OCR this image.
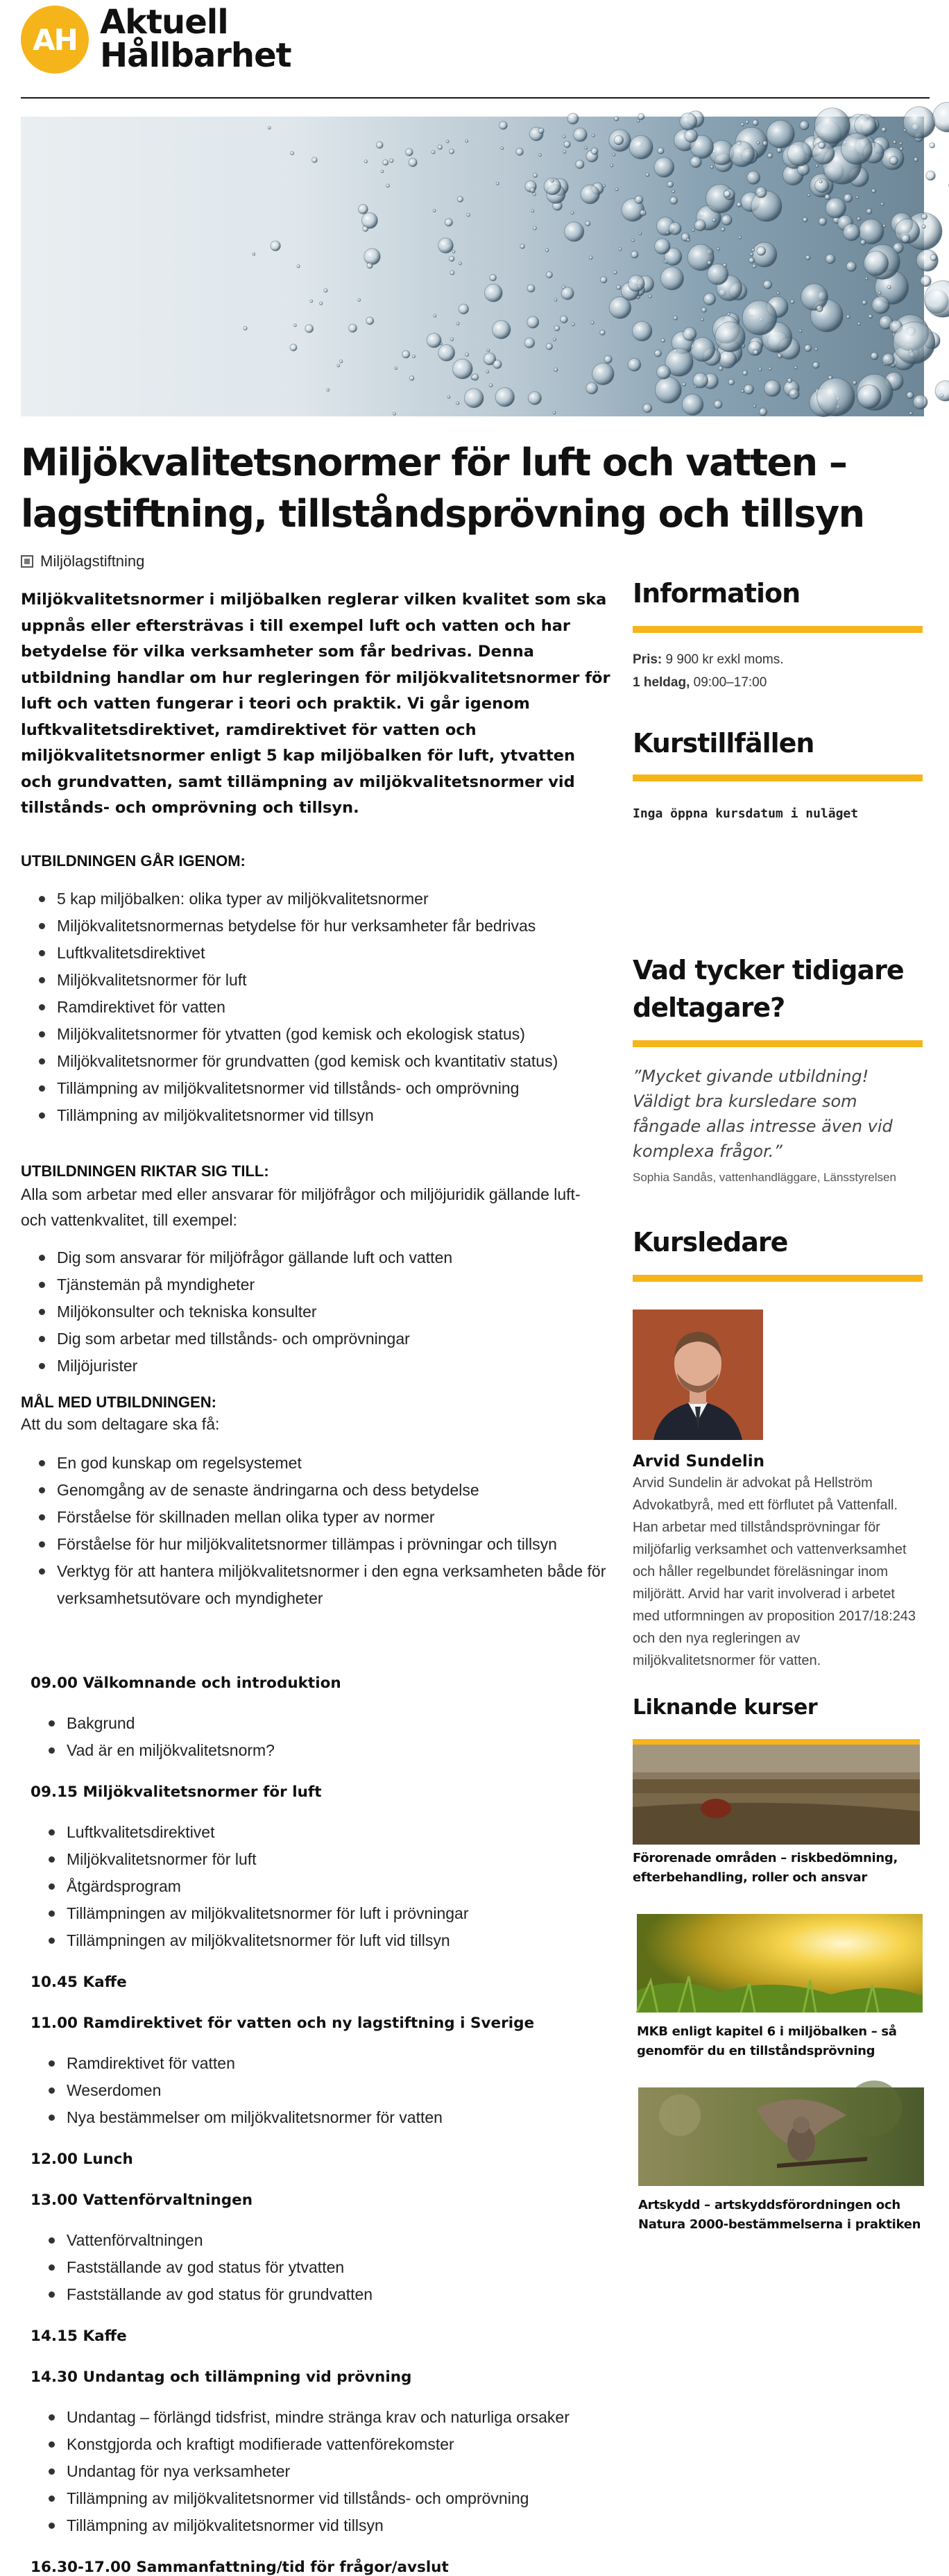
AH Aktuell
Hållbarhet
Miljökvalitetsnormer för luft och vatten – lagstiftning, tillståndsprövning och tillsyn
Miljölagstiftning

Miljökvalitetsnormer i miljöbalken reglerar vilken kvalitet som ska uppnås eller eftersträvas i till exempel luft och vatten och har betydelse för vilka verksamheter som får bedrivas. Denna utbildning handlar om hur regleringen för miljökvalitetsnormer för luft och vatten fungerar i teori och praktik. Vi går igenom luftkvalitetsdirektivet, ramdirektivet för vatten och miljökvalitetsnormer enligt 5 kap miljöbalken för luft, ytvatten och grundvatten, samt tillämpning av miljökvalitetsnormer vid tillstånds- och omprövning och tillsyn.

UTBILDNINGEN GÅR IGENOM:
5 kap miljöbalken: olika typer av miljökvalitetsnormer
Miljökvalitetsnormernas betydelse för hur verksamheter får bedrivas
Luftkvalitetsdirektivet
Miljökvalitetsnormer för luft
Ramdirektivet för vatten
Miljökvalitetsnormer för ytvatten (god kemisk och ekologisk status)
Miljökvalitetsnormer för grundvatten (god kemisk och kvantitativ status)
Tillämpning av miljökvalitetsnormer vid tillstånds- och omprövning
Tillämpning av miljökvalitetsnormer vid tillsyn
UTBILDNINGEN RIKTAR SIG TILL:

Alla som arbetar med eller ansvarar för miljöfrågor och miljöjuridik gällande luft- och vattenkvalitet, till exempel:

Dig som ansvarar för miljöfrågor gällande luft och vatten
Tjänstemän på myndigheter
Miljökonsulter och tekniska konsulter
Dig som arbetar med tillstånds- och omprövningar
Miljöjurister
MÅL MED UTBILDNINGEN:

Att du som deltagare ska få:

En god kunskap om regelsystemet
Genomgång av de senaste ändringarna och dess betydelse
Förståelse för skillnaden mellan olika typer av normer
Förståelse för hur miljökvalitetsnormer tillämpas i prövningar och tillsyn
Verktyg för att hantera miljökvalitetsnormer i den egna verksamheten både för verksamhetsutövare och myndigheter
09.00 Välkomnande och introduktion
Bakgrund
Vad är en miljökvalitetsnorm?
09.15 Miljökvalitetsnormer för luft
Luftkvalitetsdirektivet
Miljökvalitetsnormer för luft
Åtgärdsprogram
Tillämpningen av miljökvalitetsnormer för luft i prövningar
Tillämpningen av miljökvalitetsnormer för luft vid tillsyn
10.45 Kaffe
11.00 Ramdirektivet för vatten och ny lagstiftning i Sverige
Ramdirektivet för vatten
Weserdomen
Nya bestämmelser om miljökvalitetsnormer för vatten
12.00 Lunch
13.00 Vattenförvaltningen
Vattenförvaltningen
Fastställande av god status för ytvatten
Fastställande av god status för grundvatten
14.15 Kaffe
14.30 Undantag och tillämpning vid prövning
Undantag – förlängd tidsfrist, mindre stränga krav och naturliga orsaker
Konstgjorda och kraftigt modifierade vattenförekomster
Undantag för nya verksamheter
Tillämpning av miljökvalitetsnormer vid tillstånds- och omprövning
Tillämpning av miljökvalitetsnormer vid tillsyn
16.30-17.00 Sammanfattning/tid för frågor/avslut
Information
Pris: 9 900 kr exkl moms.
1 heldag, 09:00–17:00
Kurstillfällen
Inga öppna kursdatum i nuläget
Vad tycker tidigare deltagare?
”Mycket givande utbildning! Väldigt bra kursledare som fångade allas intresse även vid komplexa frågor.”
Sophia Sandås, vattenhandläggare, Länsstyrelsen
Kursledare
Arvid Sundelin
Arvid Sundelin är advokat på Hellström Advokatbyrå, med ett förflutet på Vattenfall. Han arbetar med tillståndsprövningar för miljöfarlig verksamhet och vattenverksamhet och håller regelbundet föreläsningar inom miljörätt. Arvid har varit involverad i arbetet med utformningen av proposition 2017/18:243 och den nya regleringen av miljökvalitetsnormer för vatten.
Liknande kurser
Förorenade områden – riskbedömning, efterbehandling, roller och ansvar
MKB enligt kapitel 6 i miljöbalken – så genomför du en tillståndsprövning
Artskydd – artskyddsförordningen och Natura 2000-bestämmelserna i praktiken
